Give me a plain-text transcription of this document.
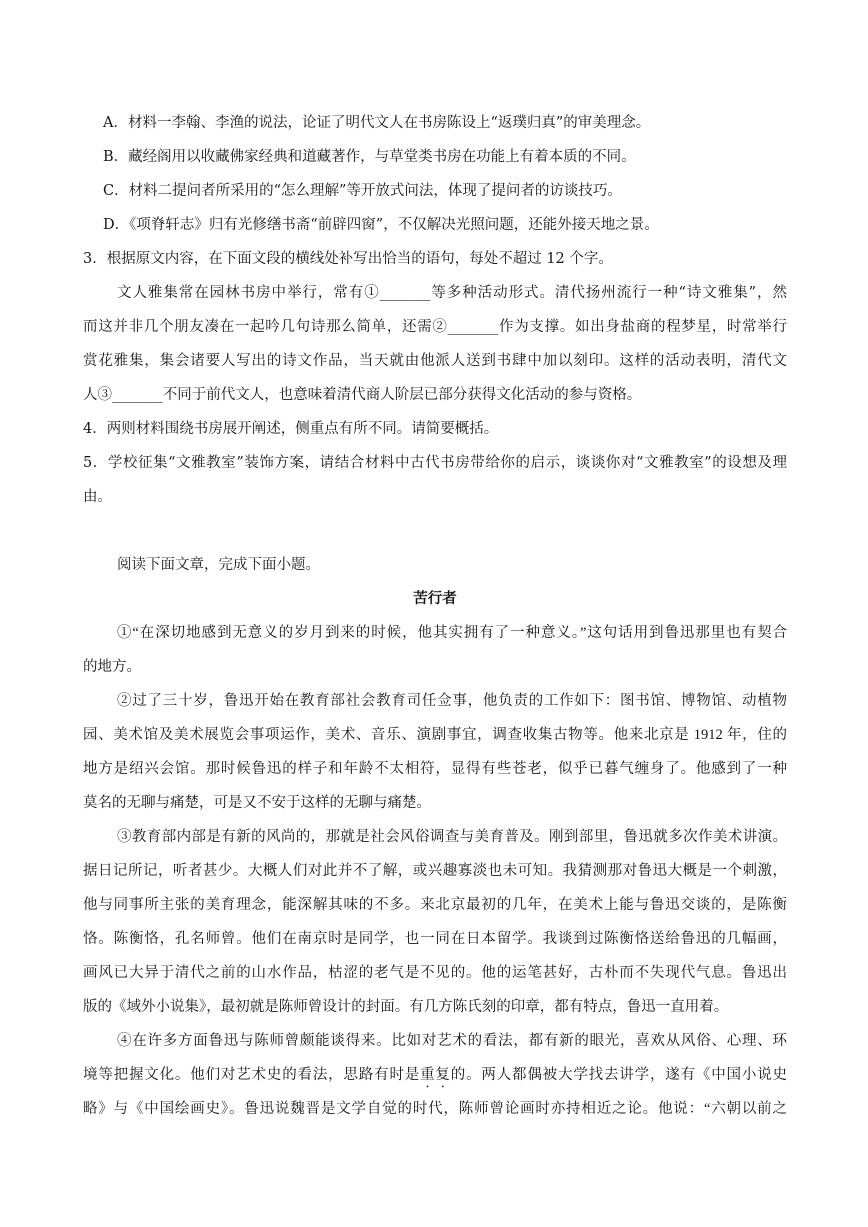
A．材料一李翰、李渔的说法，论证了明代文人在书房陈设上“返璞归真”的审美理念。
B．藏经阁用以收藏佛家经典和道藏著作，与草堂类书房在功能上有着本质的不同。
C．材料二提问者所采用的“怎么理解”等开放式问法，体现了提问者的访谈技巧。
D．《项脊轩志》归有光修缮书斋“前辟四窗”，不仅解决光照问题，还能外接天地之景。
3．根据原文内容，在下面文段的横线处补写出恰当的语句，每处不超过 12 个字。
文人雅集常在园林书房中举行，常有①_______等多种活动形式。清代扬州流行一种“诗文雅集”，然
而这并非几个朋友凑在一起吟几句诗那么简单，还需②_______作为支撑。如出身盐商的程梦星，时常举行
赏花雅集，集会诸要人写出的诗文作品，当天就由他派人送到书肆中加以刻印。这样的活动表明，清代文
人③_______不同于前代文人，也意味着清代商人阶层已部分获得文化活动的参与资格。
4．两则材料围绕书房展开阐述，侧重点有所不同。请简要概括。
5．学校征集“文雅教室”装饰方案，请结合材料中古代书房带给你的启示，谈谈你对“文雅教室”的设想及理
由。
阅读下面文章，完成下面小题。
苦行者
①“在深切地感到无意义的岁月到来的时候，他其实拥有了一种意义。”这句话用到鲁迅那里也有契合
的地方。
②过了三十岁，鲁迅开始在教育部社会教育司任佥事，他负责的工作如下：图书馆、博物馆、动植物
园、美术馆及美术展览会事项运作，美术、音乐、演剧事宜，调查收集古物等。他来北京是 1912 年，住的
地方是绍兴会馆。那时候鲁迅的样子和年龄不太相符，显得有些苍老，似乎已暮气缠身了。他感到了一种
莫名的无聊与痛楚，可是又不安于这样的无聊与痛楚。
③教育部内部是有新的风尚的，那就是社会风俗调查与美育普及。刚到部里，鲁迅就多次作美术讲演。
据日记所记，听者甚少。大概人们对此并不了解，或兴趣寡淡也未可知。我猜测那对鲁迅大概是一个刺激，
他与同事所主张的美育理念，能深解其味的不多。来北京最初的几年，在美术上能与鲁迅交谈的，是陈衡
恪。陈衡恪，孔名师曾。他们在南京时是同学，也一同在日本留学。我谈到过陈衡恪送给鲁迅的几幅画，
画风已大异于清代之前的山水作品，枯涩的老气是不见的。他的运笔甚好，古朴而不失现代气息。鲁迅出
版的《域外小说集》，最初就是陈师曾设计的封面。有几方陈氏刻的印章，都有特点，鲁迅一直用着。
④在许多方面鲁迅与陈师曾颇能谈得来。比如对艺术的看法，都有新的眼光，喜欢从风俗、心理、环
境等把握文化。他们对艺术史的看法，思路有时是重复的。两人都偶被大学找去讲学，遂有《中国小说史
略》与《中国绘画史》。鲁迅说魏晋是文学自觉的时代，陈师曾论画时亦持相近之论。他说：“六朝以前之
